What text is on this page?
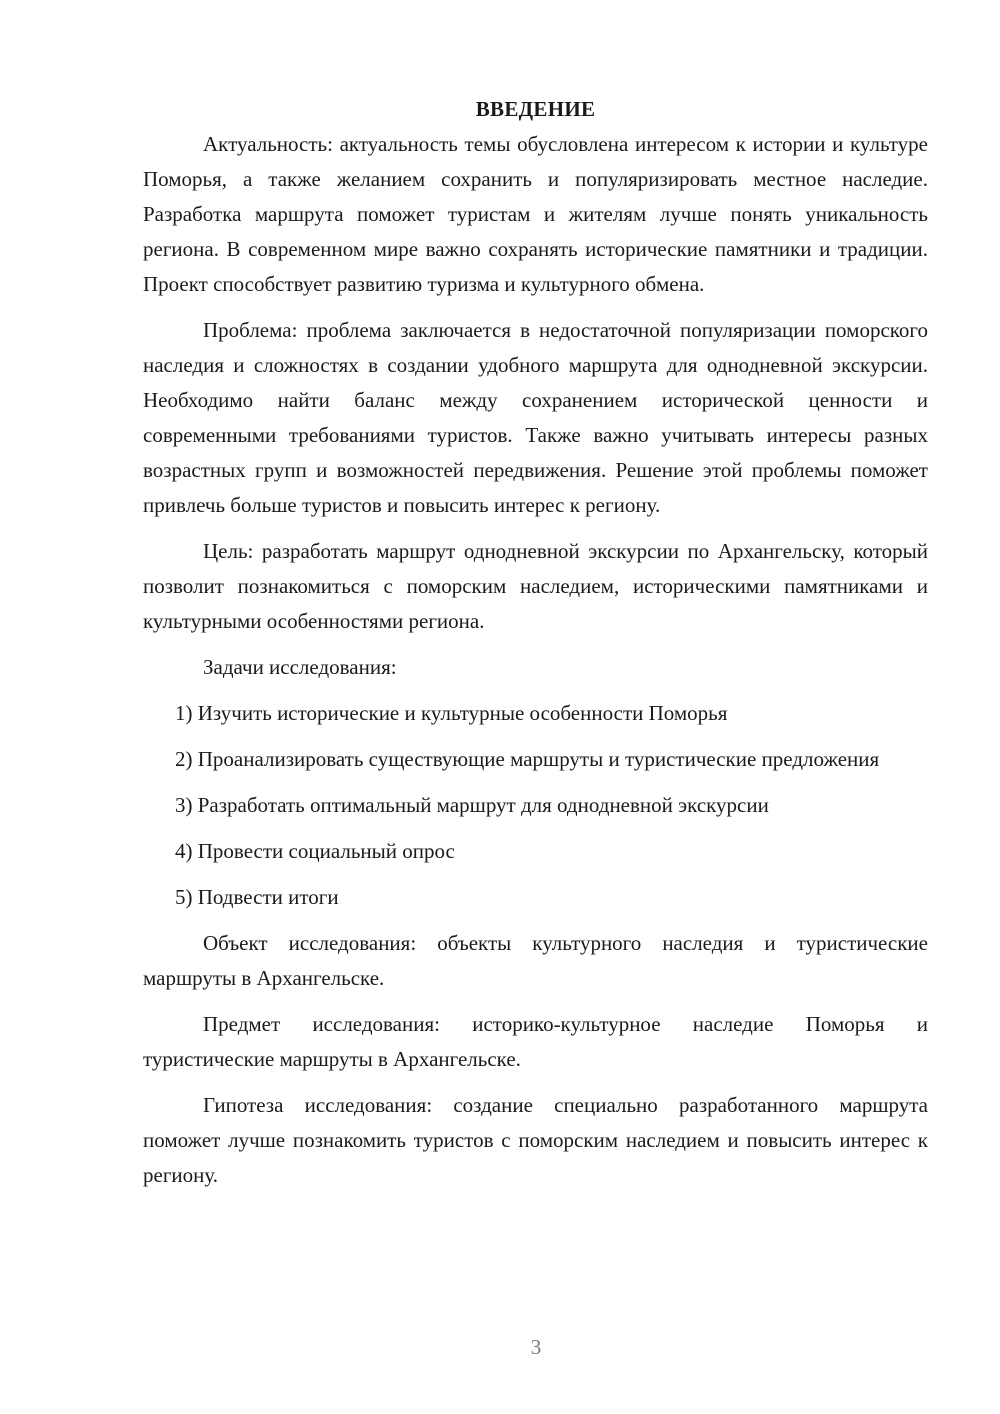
ВВЕДЕНИЕ

Актуальность: актуальность темы обусловлена интересом к истории и культуре Поморья, а также желанием сохранить и популяризировать местное наследие. Разработка маршрута поможет туристам и жителям лучше понять уникальность региона. В современном мире важно сохранять исторические памятники и традиции. Проект способствует развитию туризма и культурного обмена.

Проблема: проблема заключается в недостаточной популяризации поморского наследия и сложностях в создании удобного маршрута для однодневной экскурсии. Необходимо найти баланс между сохранением исторической ценности и современными требованиями туристов. Также важно учитывать интересы разных возрастных групп и возможностей передвижения. Решение этой проблемы поможет привлечь больше туристов и повысить интерес к региону.

Цель: разработать маршрут однодневной экскурсии по Архангельску, который позволит познакомиться с поморским наследием, историческими памятниками и культурными особенностями региона.

Задачи исследования:

1) Изучить исторические и культурные особенности Поморья

2) Проанализировать существующие маршруты и туристические предложения

3) Разработать оптимальный маршрут для однодневной экскурсии

4) Провести социальный опрос

5) Подвести итоги

Объект исследования: объекты культурного наследия и туристические маршруты в Архангельске.

Предмет исследования: историко-культурное наследие Поморья и туристические маршруты в Архангельске.

Гипотеза исследования: создание специально разработанного маршрута поможет лучше познакомить туристов с поморским наследием и повысить интерес к региону.

3
